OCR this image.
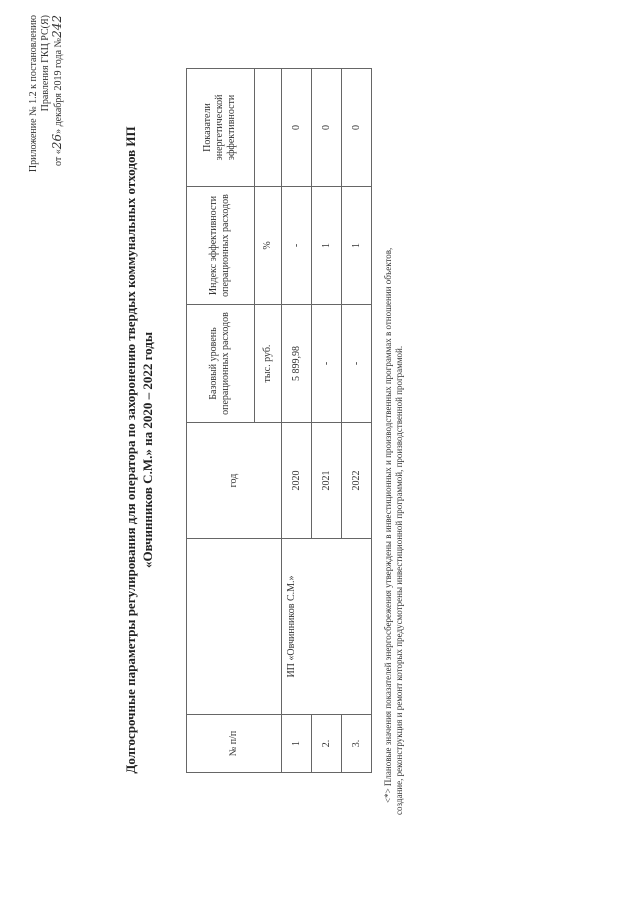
Приложение № 1.2 к постановлению Правления ГКЦ РС(Я)
от «26» декабря 2019 года №242
Долгосрочные параметры регулирования для оператора по захоронению твердых коммунальных отходов ИП «Овчинников С.М.» на 2020 – 2022 годы
№ п/п		год	Базовый уровень операционных расходов	Индекс эффективности операционных расходов	Показатели энергетической эффективности
			тыс. руб.	%	
1	ИП «Овчинников С.М.»	2020	5 899,98	-	0
2.		2021	-	1	0
3.		2022	-	1	0
<*> Плановые значения показателей энергосбережения утверждены в инвестиционных и производственных программах в отношении объектов, создание, реконструкция и ремонт которых предусмотрены инвестиционной программой, производственной программой.
